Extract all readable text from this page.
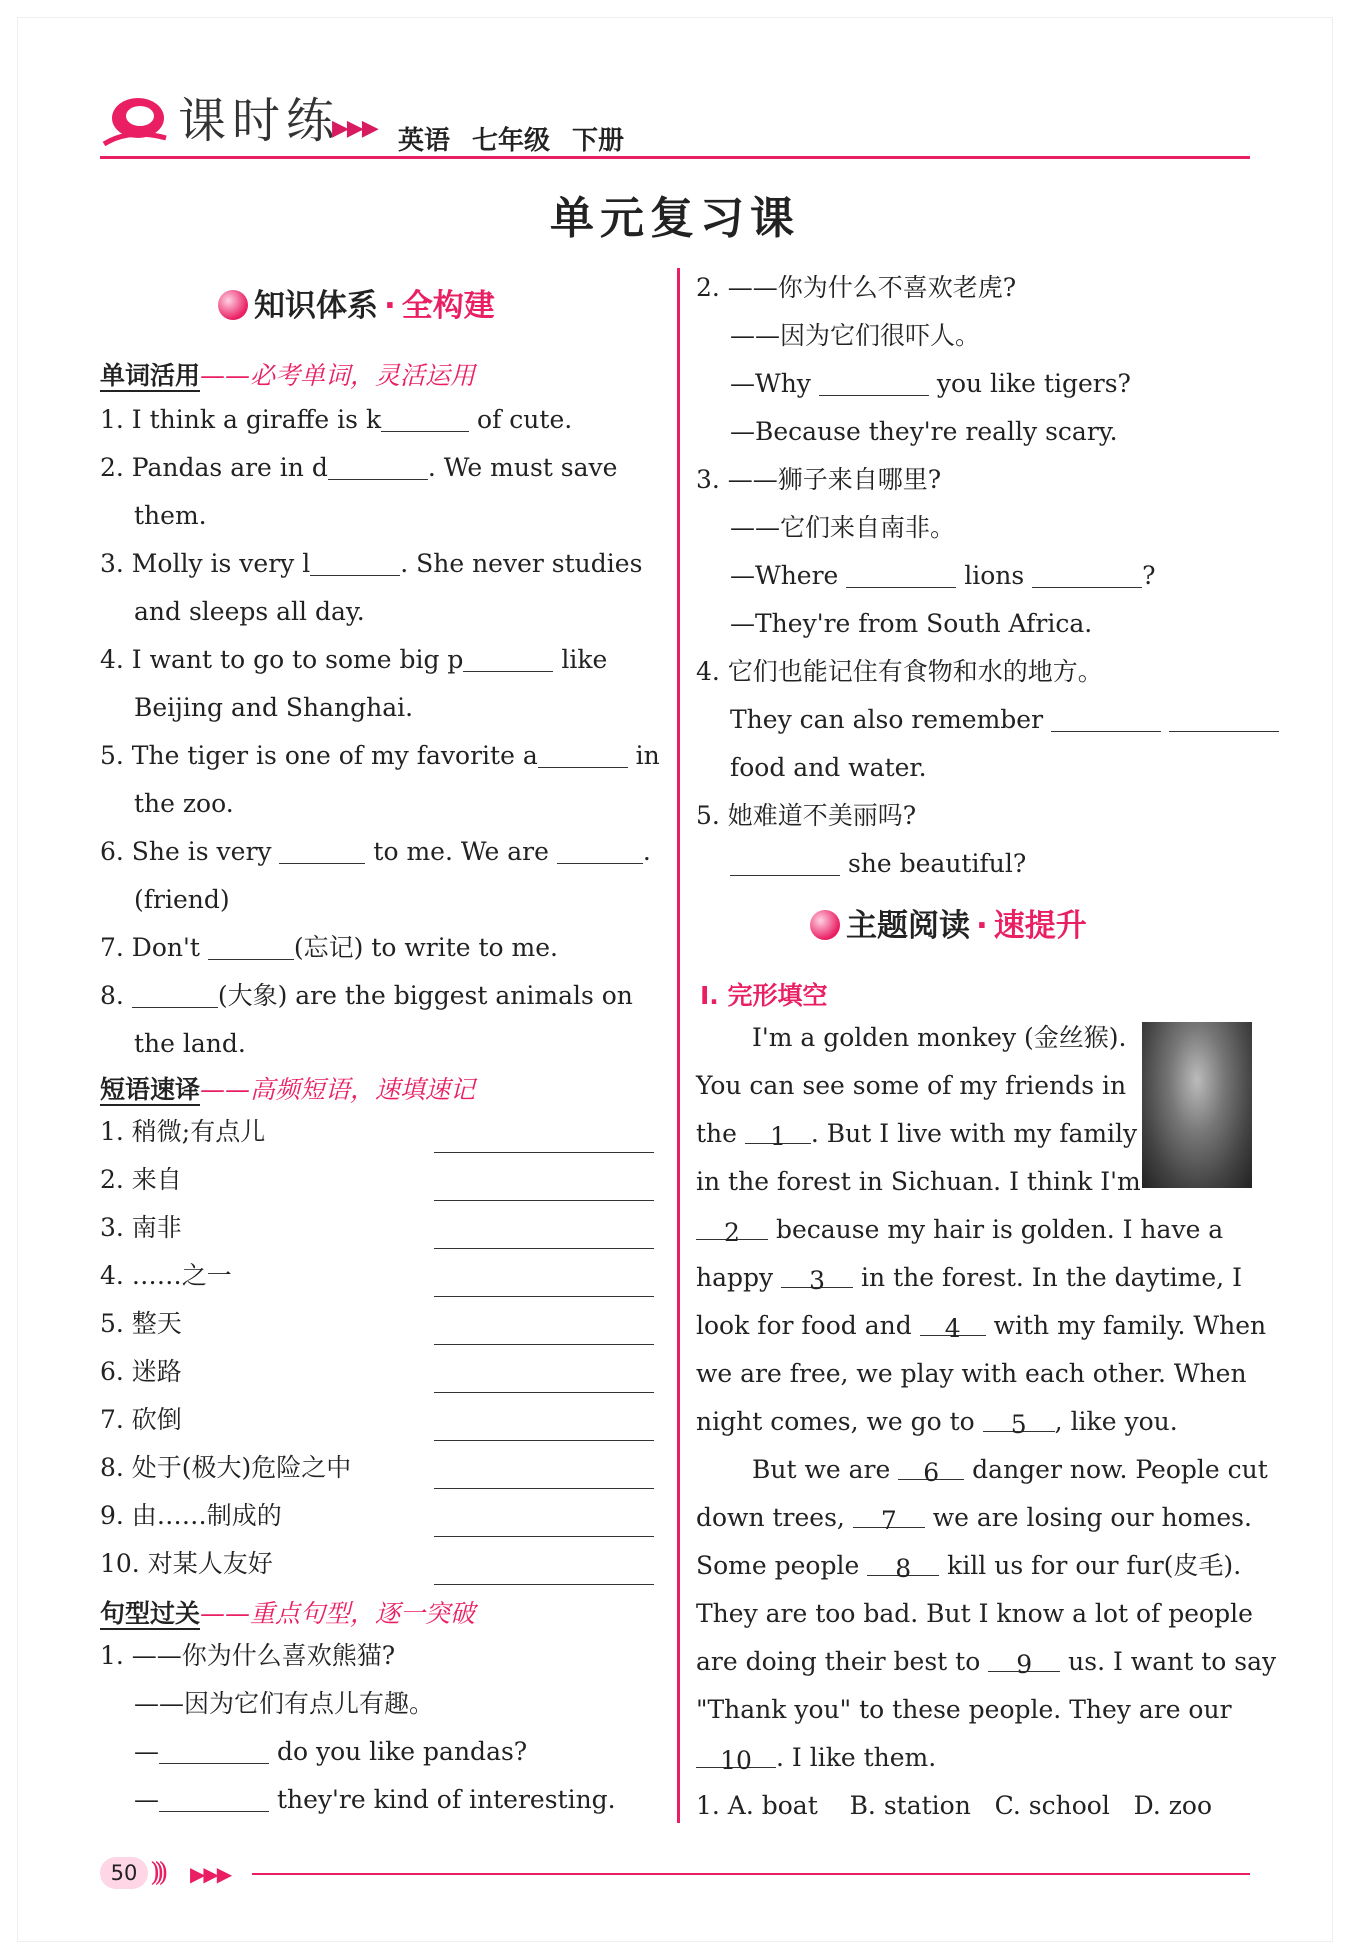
课时练
▶▶▶ 英语 七年级 下册
单元复习课
知识体系 · 全构建
单词活用——必考单词，灵活运用
1. I think a giraffe is k	of cute.
2. Pandas are in d	. We must save
them.
3. Molly is very l	. She never studies
and sleeps all day.
4. I want to go to some big p	like
Beijing and Shanghai.
5. The tiger is one of my favorite a	in
the zoo.
6. She is very	to me. We are	.
(friend)
7. Don't	(忘记) to write to me.
8.	(大象) are the biggest animals on
the land.
短语速译——高频短语，速填速记
1. 稍微;有点儿
2. 来自
3. 南非
4. ……之一
5. 整天
6. 迷路
7. 砍倒
8. 处于(极大)危险之中
9. 由……制成的
10. 对某人友好
句型过关——重点句型，逐一突破
1. ——你为什么喜欢熊猫?
——因为它们有点儿有趣。
—	do you like pandas?
—	they're kind of interesting.
2. ——你为什么不喜欢老虎?
——因为它们很吓人。
—Why	you like tigers?
—Because they're really scary.
3. ——狮子来自哪里?
——它们来自南非。
—Where	lions	?
—They're from South Africa.
4. 它们也能记住有食物和水的地方。
They can also remember
food and water.
5. 她难道不美丽吗?
she beautiful?
主题阅读 · 速提升
Ⅰ. 完形填空
I'm a golden monkey (金丝猴).
You can see some of my friends in
the 1 . But I live with my family
in the forest in Sichuan. I think I'm
2 because my hair is golden. I have a
happy 3 in the forest. In the daytime, I
look for food and 4 with my family. When
we are free, we play with each other. When
night comes, we go to 5 , like you.
But we are 6 danger now. People cut
down trees, 7 we are losing our homes.
Some people 8 kill us for our fur(皮毛).
They are too bad. But I know a lot of people
are doing their best to 9 us. I want to say
"Thank you" to these people. They are our
10 . I like them.
1. A. boat B. station C. school D. zoo
50 ))) ▶▶▶
